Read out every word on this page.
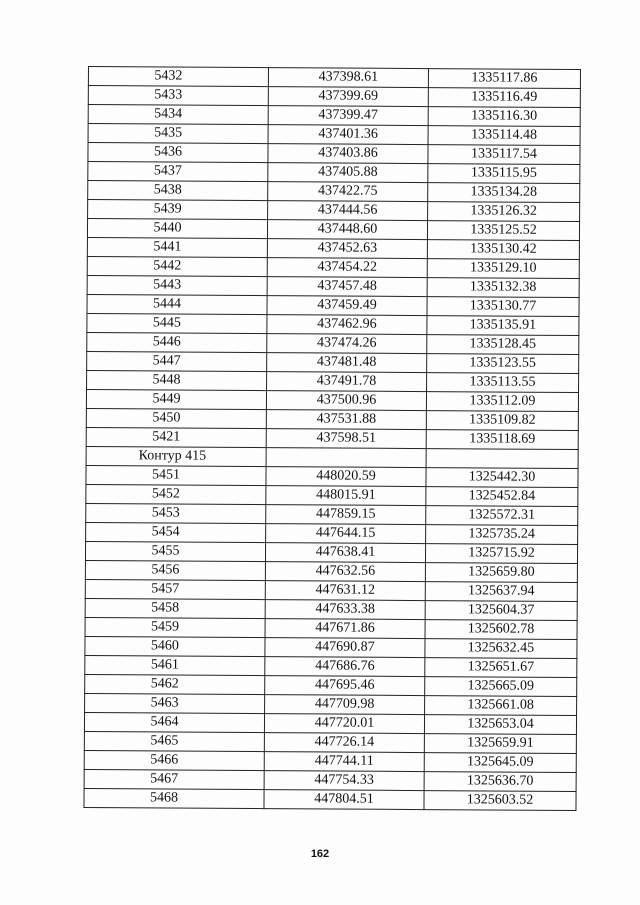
5432	437398.61	1335117.86
5433	437399.69	1335116.49
5434	437399.47	1335116.30
5435	437401.36	1335114.48
5436	437403.86	1335117.54
5437	437405.88	1335115.95
5438	437422.75	1335134.28
5439	437444.56	1335126.32
5440	437448.60	1335125.52
5441	437452.63	1335130.42
5442	437454.22	1335129.10
5443	437457.48	1335132.38
5444	437459.49	1335130.77
5445	437462.96	1335135.91
5446	437474.26	1335128.45
5447	437481.48	1335123.55
5448	437491.78	1335113.55
5449	437500.96	1335112.09
5450	437531.88	1335109.82
5421	437598.51	1335118.69
Контур 415		
5451	448020.59	1325442.30
5452	448015.91	1325452.84
5453	447859.15	1325572.31
5454	447644.15	1325735.24
5455	447638.41	1325715.92
5456	447632.56	1325659.80
5457	447631.12	1325637.94
5458	447633.38	1325604.37
5459	447671.86	1325602.78
5460	447690.87	1325632.45
5461	447686.76	1325651.67
5462	447695.46	1325665.09
5463	447709.98	1325661.08
5464	447720.01	1325653.04
5465	447726.14	1325659.91
5466	447744.11	1325645.09
5467	447754.33	1325636.70
5468	447804.51	1325603.52
162
